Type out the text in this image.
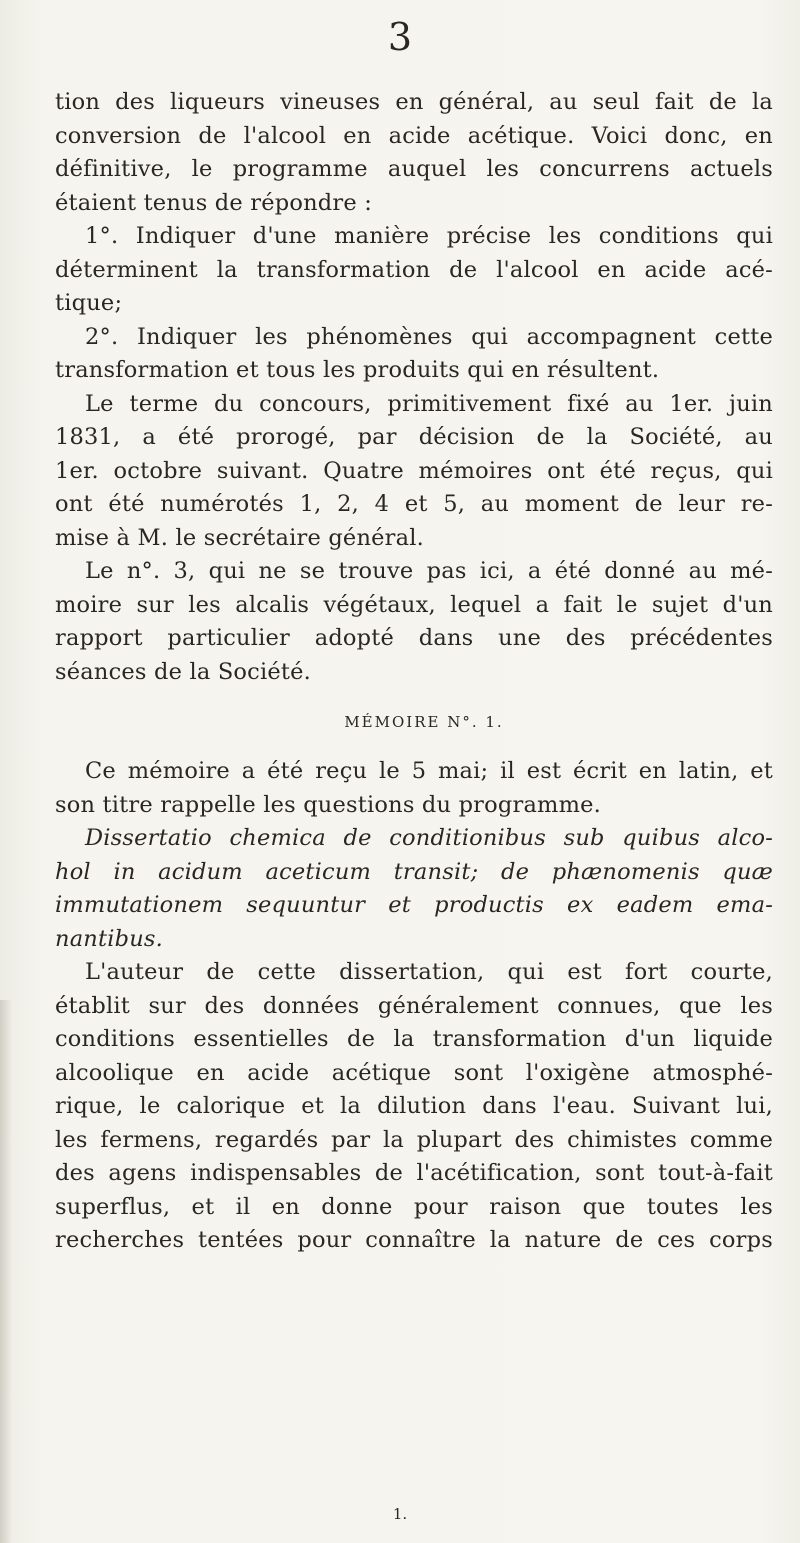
3
tion des liqueurs vineuses en général, au seul fait de la
conversion de l'alcool en acide acétique. Voici donc, en
définitive, le programme auquel les concurrens actuels
étaient tenus de répondre :
1°. Indiquer d'une manière précise les conditions qui
déterminent la transformation de l'alcool en acide acé-
tique;
2°. Indiquer les phénomènes qui accompagnent cette
transformation et tous les produits qui en résultent.
Le terme du concours, primitivement fixé au 1er. juin
1831, a été prorogé, par décision de la Société, au
1er. octobre suivant. Quatre mémoires ont été reçus, qui
ont été numérotés 1, 2, 4 et 5, au moment de leur re-
mise à M. le secrétaire général.
Le n°. 3, qui ne se trouve pas ici, a été donné au mé-
moire sur les alcalis végétaux, lequel a fait le sujet d'un
rapport particulier adopté dans une des précédentes
séances de la Société.
MÉMOIRE N°. 1.
Ce mémoire a été reçu le 5 mai; il est écrit en latin, et
son titre rappelle les questions du programme.
Dissertatio chemica de conditionibus sub quibus alco-
hol in acidum aceticum transit; de phænomenis quæ
immutationem sequuntur et productis ex eadem ema-
nantibus.
L'auteur de cette dissertation, qui est fort courte,
établit sur des données généralement connues, que les
conditions essentielles de la transformation d'un liquide
alcoolique en acide acétique sont l'oxigène atmosphé-
rique, le calorique et la dilution dans l'eau. Suivant lui,
les fermens, regardés par la plupart des chimistes comme
des agens indispensables de l'acétification, sont tout-à-fait
superflus, et il en donne pour raison que toutes les
recherches tentées pour connaître la nature de ces corps
1.
